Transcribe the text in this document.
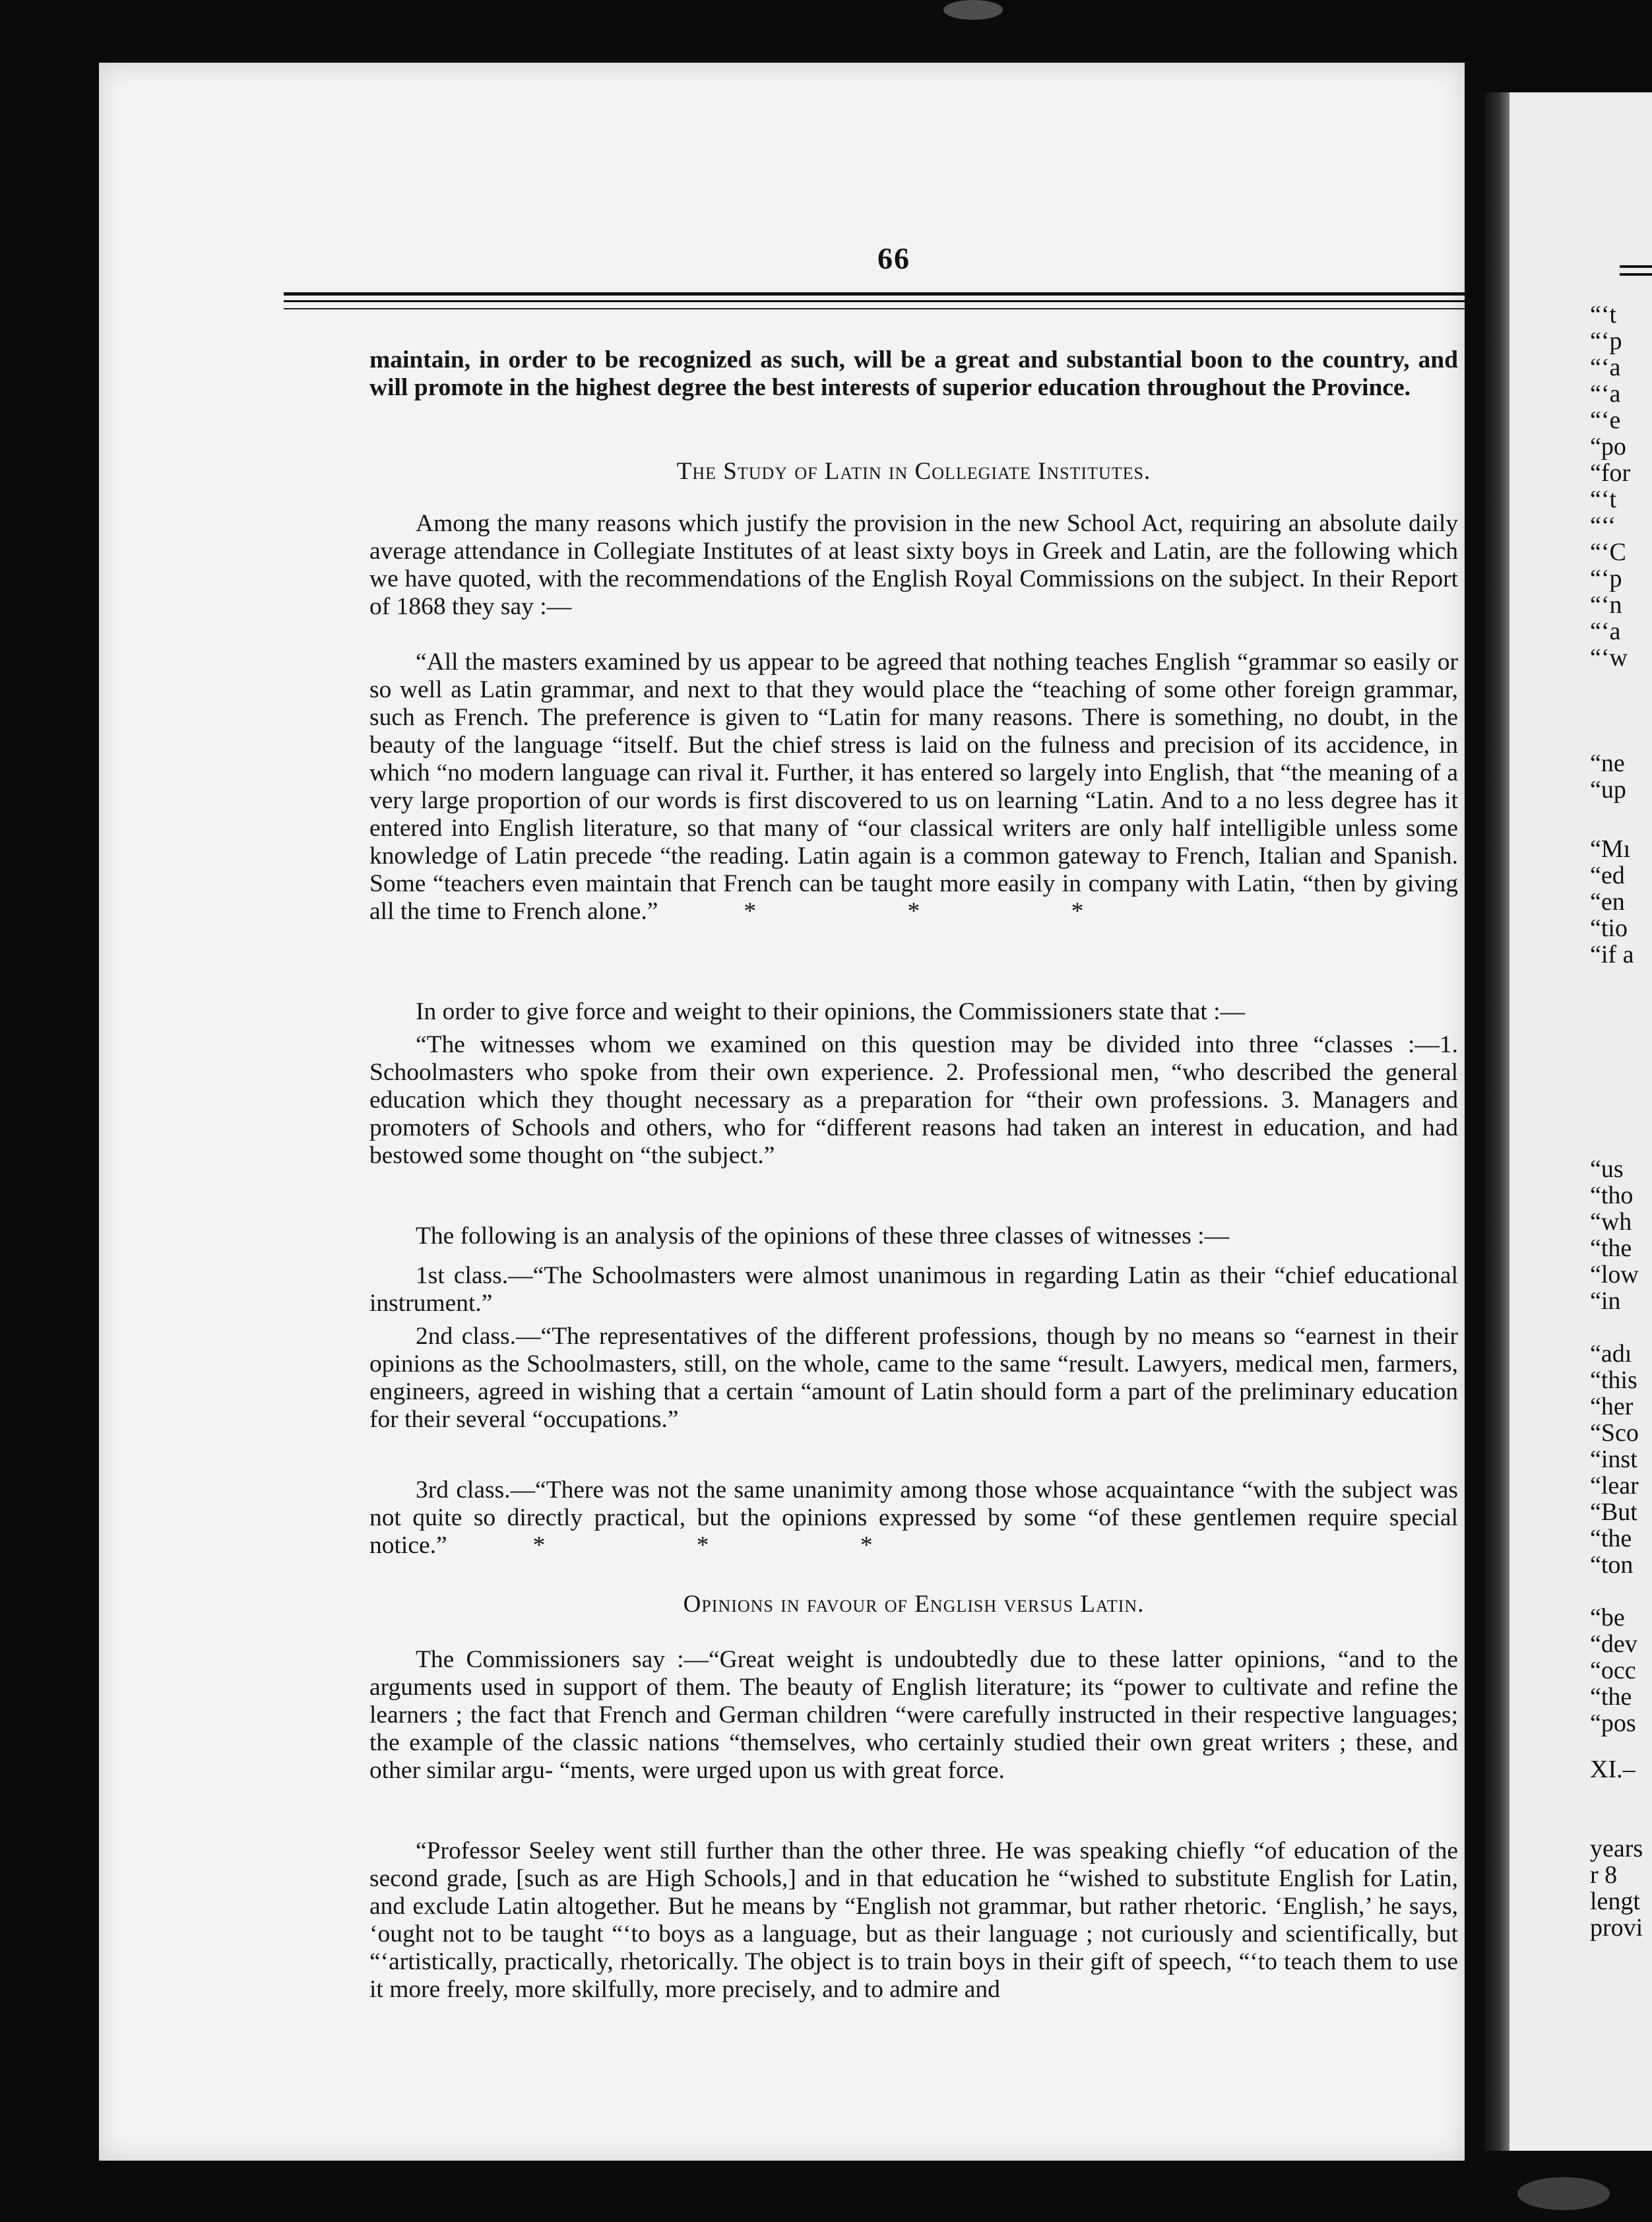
66

maintain, in order to be recognized as such, will be a great and substantial boon to the country, and will promote in the highest degree the best interests of superior education throughout the Province.

The Study of Latin in Collegiate Institutes.

Among the many reasons which justify the provision in the new School Act, requiring an absolute daily average attendance in Collegiate Institutes of at least sixty boys in Greek and Latin, are the following which we have quoted, with the recommendations of the English Royal Commissions on the subject. In their Report of 1868 they say :—

“All the masters examined by us appear to be agreed that nothing teaches English “grammar so easily or so well as Latin grammar, and next to that they would place the “teaching of some other foreign grammar, such as French. The preference is given to “Latin for many reasons. There is something, no doubt, in the beauty of the language “itself. But the chief stress is laid on the fulness and precision of its accidence, in which “no modern language can rival it. Further, it has entered so largely into English, that “the meaning of a very large proportion of our words is first discovered to us on learning “Latin. And to a no less degree has it entered into English literature, so that many of “our classical writers are only half intelligible unless some knowledge of Latin precede “the reading. Latin again is a common gateway to French, Italian and Spanish. Some “teachers even maintain that French can be taught more easily in company with Latin, “then by giving all the time to French alone.”	* * *

In order to give force and weight to their opinions, the Commissioners state that :—

“The witnesses whom we examined on this question may be divided into three “classes :—1. Schoolmasters who spoke from their own experience. 2. Professional men, “who described the general education which they thought necessary as a preparation for “their own professions. 3. Managers and promoters of Schools and others, who for “different reasons had taken an interest in education, and had bestowed some thought on “the subject.”

The following is an analysis of the opinions of these three classes of witnesses :—

1st class.—“The Schoolmasters were almost unanimous in regarding Latin as their “chief educational instrument.”

2nd class.—“The representatives of the different professions, though by no means so “earnest in their opinions as the Schoolmasters, still, on the whole, came to the same “result. Lawyers, medical men, farmers, engineers, agreed in wishing that a certain “amount of Latin should form a part of the preliminary education for their several “occupations.”

3rd class.—“There was not the same unanimity among those whose acquaintance “with the subject was not quite so directly practical, but the opinions expressed by some “of these gentlemen require special notice.”	* * *

Opinions in favour of English versus Latin.

The Commissioners say :—“Great weight is undoubtedly due to these latter opinions, “and to the arguments used in support of them. The beauty of English literature; its “power to cultivate and refine the learners ; the fact that French and German children “were carefully instructed in their respective languages; the example of the classic nations “themselves, who certainly studied their own great writers ; these, and other similar argu- “ments, were urged upon us with great force.

“Professor Seeley went still further than the other three. He was speaking chiefly “of education of the second grade, [such as are High Schools,] and in that education he “wished to substitute English for Latin, and exclude Latin altogether. But he means by “English not grammar, but rather rhetoric. ‘English,’ he says, ‘ought not to be taught “‘to boys as a language, but as their language ; not curiously and scientifically, but “‘artistically, practically, rhetorically. The object is to train boys in their gift of speech, “‘to teach them to use it more freely, more skilfully, more precisely, and to admire and

“‘t
“‘p
“‘a
“‘a
“‘e
“po
“for
“‘t
“‘‘
“‘C
“‘p
“‘n
“‘a
“‘w
“ne
“up
“Mı
“ed
“en
“tio
“if a
“us
“tho
“wh
“the
“low
“in
“adı
“this
“her
“Sco
“inst
“lear
“But
“the
“ton
“be
“dev
“occ
“the
“pos
XI.–
years
r 8
lengt
provi
